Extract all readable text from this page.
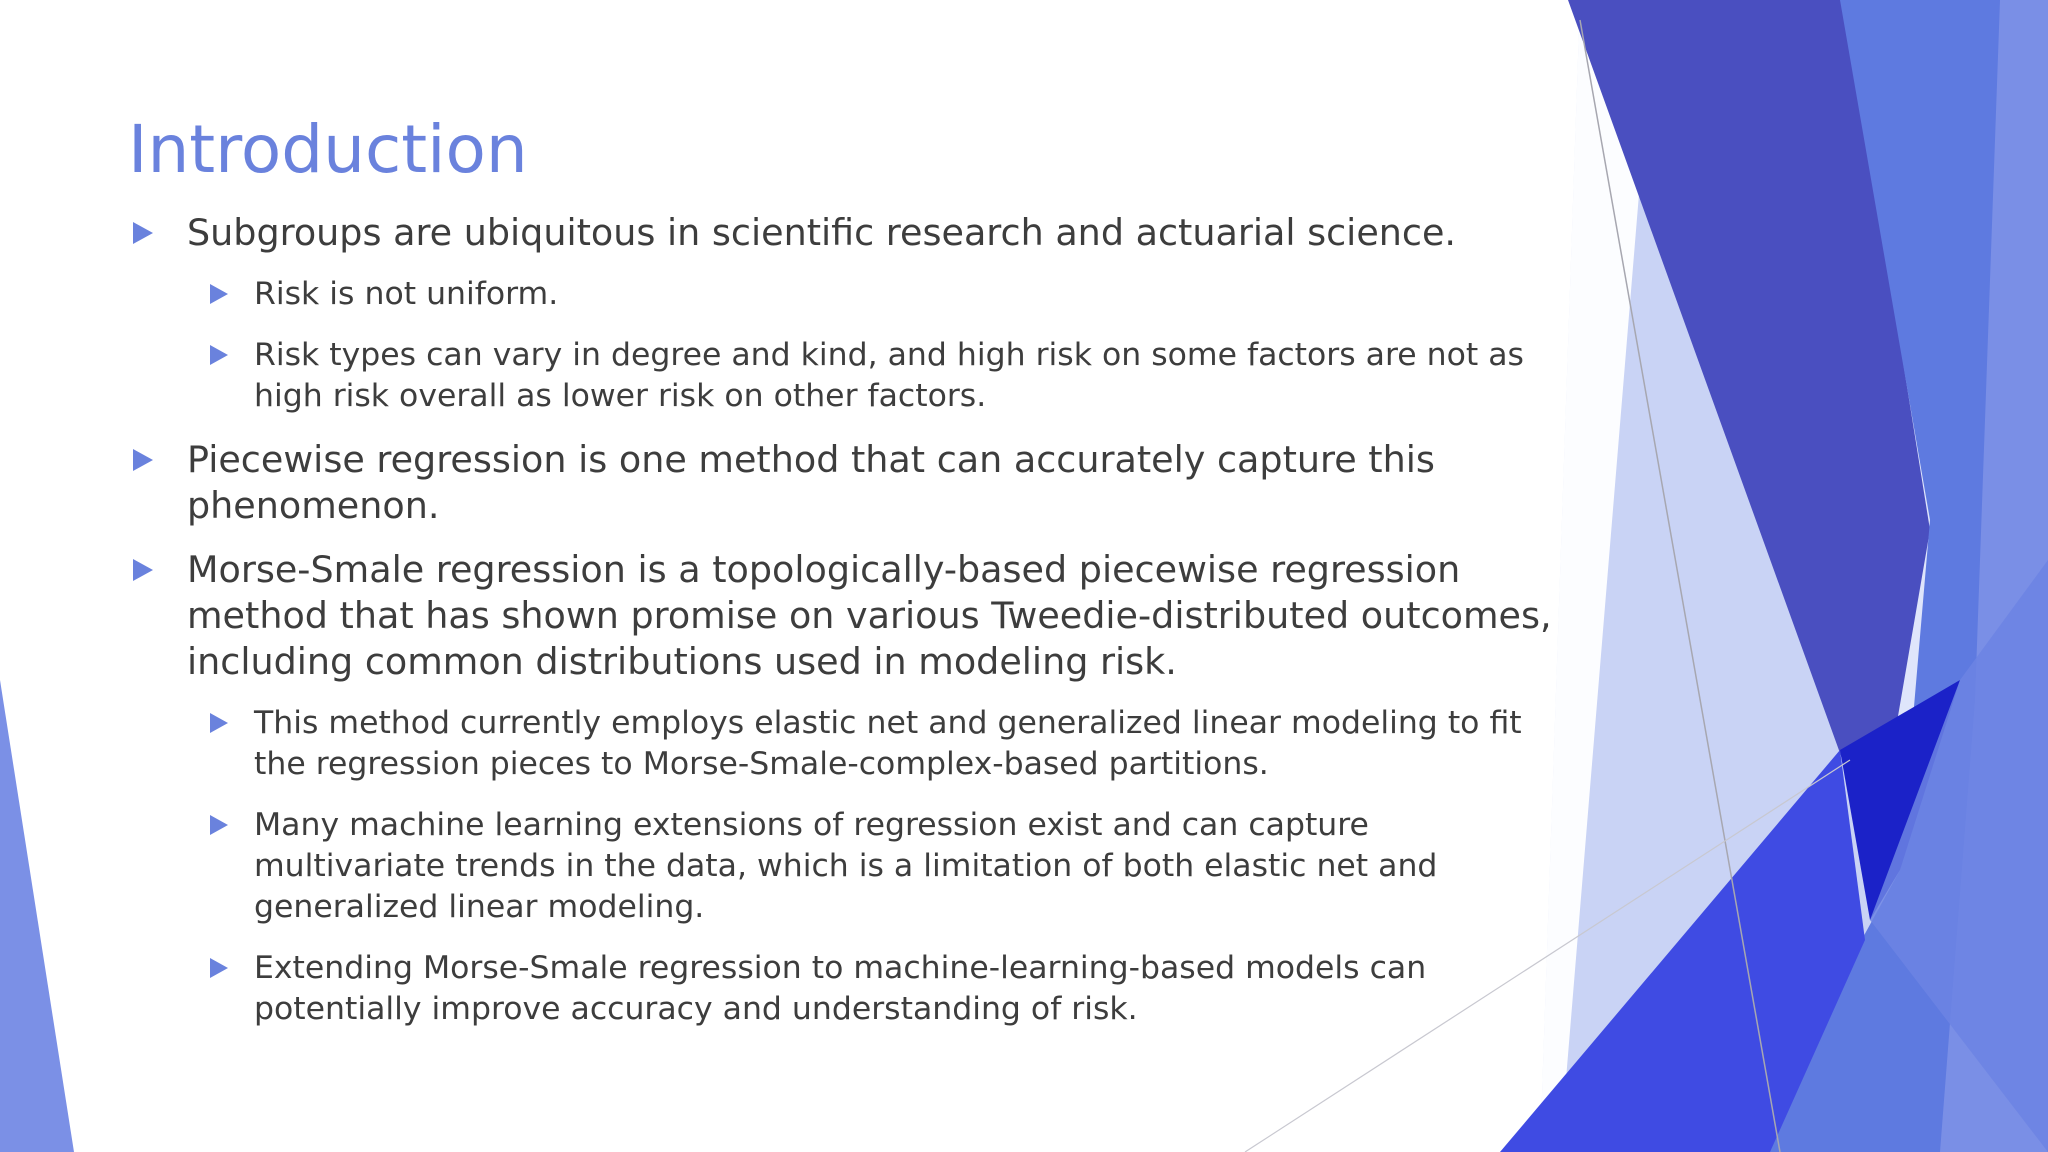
Introduction
Subgroups are ubiquitous in scientific research and actuarial science.
Risk is not uniform.
Risk types can vary in degree and kind, and high risk on some factors are not as high risk overall as lower risk on other factors.
Piecewise regression is one method that can accurately capture this phenomenon.
Morse-Smale regression is a topologically-based piecewise regression method that has shown promise on various Tweedie-distributed outcomes, including common distributions used in modeling risk.
This method currently employs elastic net and generalized linear modeling to fit the regression pieces to Morse-Smale-complex-based partitions.
Many machine learning extensions of regression exist and can capture multivariate trends in the data, which is a limitation of both elastic net and generalized linear modeling.
Extending Morse-Smale regression to machine-learning-based models can potentially improve accuracy and understanding of risk.
